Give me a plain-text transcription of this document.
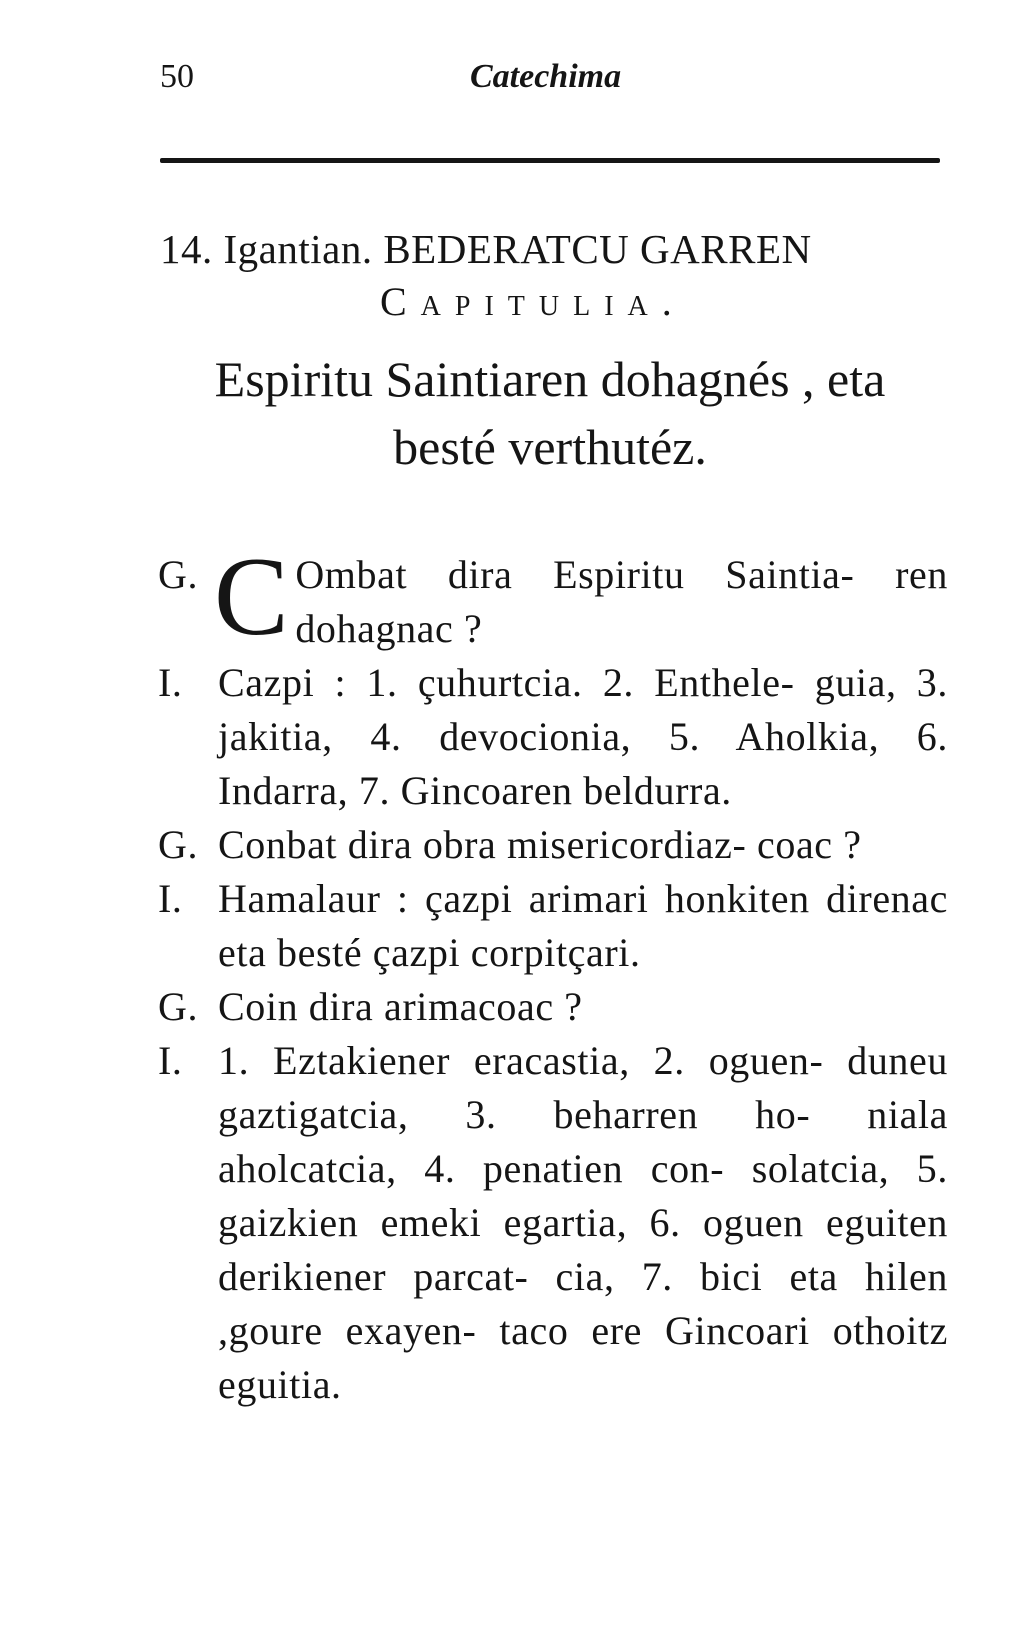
50	Catechima
14. Igantian. BEDERATCU GARREN
Capitulia.
Espiritu Saintiaren dohagnés , eta
besté verthutéz.
G. C Ombat dira Espiritu Saintia- ren dohagnac ?
I. Cazpi : 1. çuhurtcia. 2. Enthele- guia, 3. jakitia, 4. devocionia, 5. Aholkia, 6. Indarra, 7. Gincoaren beldurra.
G. Conbat dira obra misericordiaz- coac ?
I. Hamalaur : çazpi arimari honkiten direnac eta besté çazpi corpitçari.
G. Coin dira arimacoac ?
I. 1. Eztakiener eracastia, 2. oguen- duneu gaztigatcia, 3. beharren ho- niala aholcatcia, 4. penatien con- solatcia, 5. gaizkien emeki egartia, 6. oguen eguiten derikiener parcat- cia, 7. bici eta hilen ,goure exayen- taco ere Gincoari othoitz eguitia.
